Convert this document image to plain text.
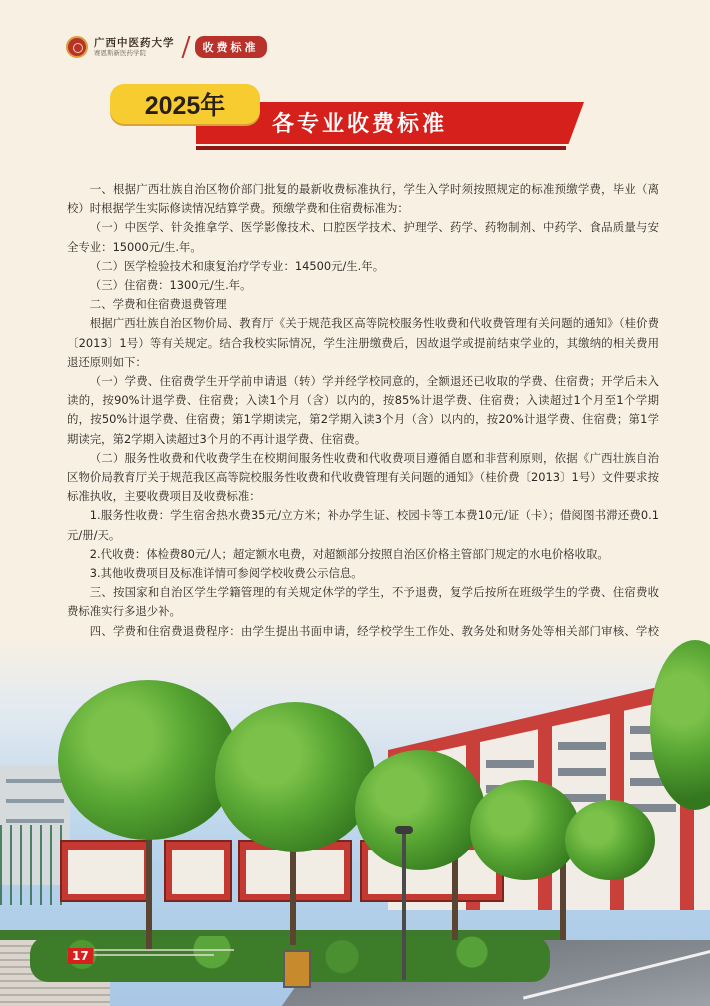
广西中医药大学
赛恩斯新医药学院	收费标准
2025年
各专业收费标准

一、根据广西壮族自治区物价部门批复的最新收费标准执行，学生入学时须按照规定的标准预缴学费，毕业（离校）时根据学生实际修读情况结算学费。预缴学费和住宿费标准为：

（一）中医学、针灸推拿学、医学影像技术、口腔医学技术、护理学、药学、药物制剂、中药学、食品质量与安全专业：15000元/生.年。

（二）医学检验技术和康复治疗学专业：14500元/生.年。

（三）住宿费：1300元/生.年。

二、学费和住宿费退费管理

根据广西壮族自治区物价局、教育厅《关于规范我区高等院校服务性收费和代收费管理有关问题的通知》（桂价费〔2013〕1号）等有关规定。结合我校实际情况，学生注册缴费后，因故退学或提前结束学业的，其缴纳的相关费用退还原则如下：

（一）学费、住宿费学生开学前申请退（转）学并经学校同意的，全额退还已收取的学费、住宿费；开学后未入读的，按90%计退学费、住宿费；入读1个月（含）以内的，按85%计退学费、住宿费；入读超过1个月至1个学期的，按50%计退学费、住宿费；第1学期读完，第2学期入读3个月（含）以内的，按20%计退学费、住宿费；第1学期读完，第2学期入读超过3个月的不再计退学费、住宿费。

（二）服务性收费和代收费学生在校期间服务性收费和代收费项目遵循自愿和非营利原则，依据《广西壮族自治区物价局教育厅关于规范我区高等院校服务性收费和代收费管理有关问题的通知》（桂价费〔2013〕1号）文件要求按标准执收，主要收费项目及收费标准：

1.服务性收费：学生宿舍热水费35元/立方米；补办学生证、校园卡等工本费10元/证（卡）；借阅图书滞还费0.1元/册/天。

2.代收费：体检费80元/人；超定额水电费，对超额部分按照自治区价格主管部门规定的水电价格收取。

3.其他收费项目及标准详情可参阅学校收费公示信息。

三、按国家和自治区学生学籍管理的有关规定休学的学生，不予退费，复学后按所在班级学生的学费、住宿费收费标准实行多退少补。

四、学费和住宿费退费程序：由学生提出书面申请，经学校学生工作处、教务处和财务处等相关部门审核、学校

17
